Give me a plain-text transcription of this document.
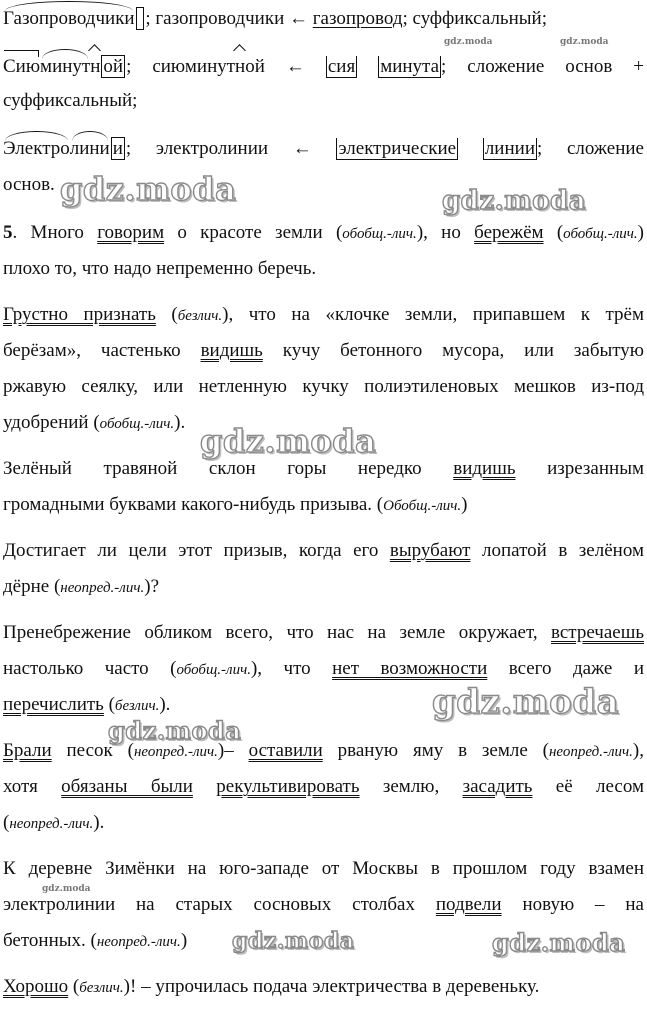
Газопроводчики ; газопроводчики ← газопровод; суффиксальный;
Сиюминутн ой ; сиюминутной ← сия минута ; сложение основ +
суффиксальный;
Электролини и ; электролинии ← электрические линии ; сложение
основ.
5. Много говорим о красоте земли (обобщ.-лич.), но бережём (обобщ.-лич.)
плохо то, что надо непременно беречь.
Грустно признать (безлич.), что на «клочке земли, припавшем к трём
берёзам», частенько видишь кучу бетонного мусора, или забытую
ржавую сеялку, или нетленную кучку полиэтиленовых мешков из-под
удобрений (обобщ.-лич.).
Зелёный травяной склон горы нередко видишь изрезанным
громадными буквами какого-нибудь призыва. (Обобщ.-лич.)
Достигает ли цели этот призыв, когда его вырубают лопатой в зелёном
дёрне (неопред.-лич.)?
Пренебрежение обликом всего, что нас на земле окружает, встречаешь
настолько часто (обобщ.-лич.), что нет возможности всего даже и
перечислить (безлич.).
Брали песок (неопред.-лич.)– оставили рваную яму в земле (неопред.-лич.),
хотя обязаны были рекультивировать землю, засадить её лесом
(неопред.-лич.).
К деревне Зимёнки на юго-западе от Москвы в прошлом году взамен
электролинии на старых сосновых столбах подвели новую – на
бетонных. (неопред.-лич.)
Хорошо (безлич.)! – упрочилась подача электричества в деревеньку.
gdz.moda	gdz.moda
gdz.moda	gdz.moda
gdz.moda
gdz.moda
gdz.moda
gdz.moda
gdz.moda	gdz.moda
